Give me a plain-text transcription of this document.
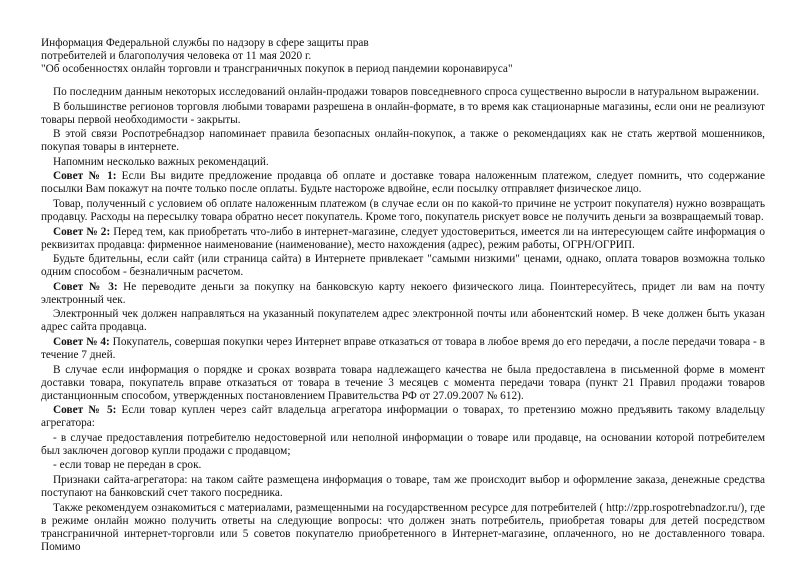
Информация Федеральной службы по надзору в сфере защиты прав
потребителей и благополучия человека от 11 мая 2020 г.
"Об особенностях онлайн торговли и трансграничных покупок в период пандемии коронавируса"

По последним данным некоторых исследований онлайн-продажи товаров повседневного спроса существенно выросли в натуральном выражении.

В большинстве регионов торговля любыми товарами разрешена в онлайн-формате, в то время как стационарные магазины, если они не реализуют товары первой необходимости - закрыты.

В этой связи Роспотребнадзор напоминает правила безопасных онлайн-покупок, а также о рекомендациях как не стать жертвой мошенников, покупая товары в интернете.

Напомним несколько важных рекомендаций.

Совет № 1: Если Вы видите предложение продавца об оплате и доставке товара наложенным платежом, следует помнить, что содержание посылки Вам покажут на почте только после оплаты. Будьте настороже вдвойне, если посылку отправляет физическое лицо.

Товар, полученный с условием об оплате наложенным платежом (в случае если он по какой-то причине не устроит покупателя) нужно возвращать продавцу. Расходы на пересылку товара обратно несет покупатель. Кроме того, покупатель рискует вовсе не получить деньги за возвращаемый товар.

Совет № 2: Перед тем, как приобретать что-либо в интернет-магазине, следует удостовериться, имеется ли на интересующем сайте информация о реквизитах продавца: фирменное наименование (наименование), место нахождения (адрес), режим работы, ОГРН/ОГРИП.

Будьте бдительны, если сайт (или страница сайта) в Интернете привлекает "самыми низкими" ценами, однако, оплата товаров возможна только одним способом - безналичным расчетом.

Совет № 3: Не переводите деньги за покупку на банковскую карту некоего физического лица. Поинтересуйтесь, придет ли вам на почту электронный чек.

Электронный чек должен направляться на указанный покупателем адрес электронной почты или абонентский номер. В чеке должен быть указан адрес сайта продавца.

Совет № 4: Покупатель, совершая покупки через Интернет вправе отказаться от товара в любое время до его передачи, а после передачи товара - в течение 7 дней.

В случае если информация о порядке и сроках возврата товара надлежащего качества не была предоставлена в письменной форме в момент доставки товара, покупатель вправе отказаться от товара в течение 3 месяцев с момента передачи товара (пункт 21 Правил продажи товаров дистанционным способом, утвержденных постановлением Правительства РФ от 27.09.2007 № 612).

Совет № 5: Если товар куплен через сайт владельца агрегатора информации о товарах, то претензию можно предъявить такому владельцу агрегатора:

- в случае предоставления потребителю недостоверной или неполной информации о товаре или продавце, на основании которой потребителем был заключен договор купли продажи с продавцом;

- если товар не передан в срок.

Признаки сайта-агрегатора: на таком сайте размещена информация о товаре, там же происходит выбор и оформление заказа, денежные средства поступают на банковский счет такого посредника.

Также рекомендуем ознакомиться с материалами, размещенными на государственном ресурсе для потребителей ( http://zpp.rospotrebnadzor.ru/), где в режиме онлайн можно получить ответы на следующие вопросы: что должен знать потребитель, приобретая товары для детей посредством трансграничной интернет-торговли или 5 советов покупателю приобретенного в Интернет-магазине, оплаченного, но не доставленного товара. Помимо
